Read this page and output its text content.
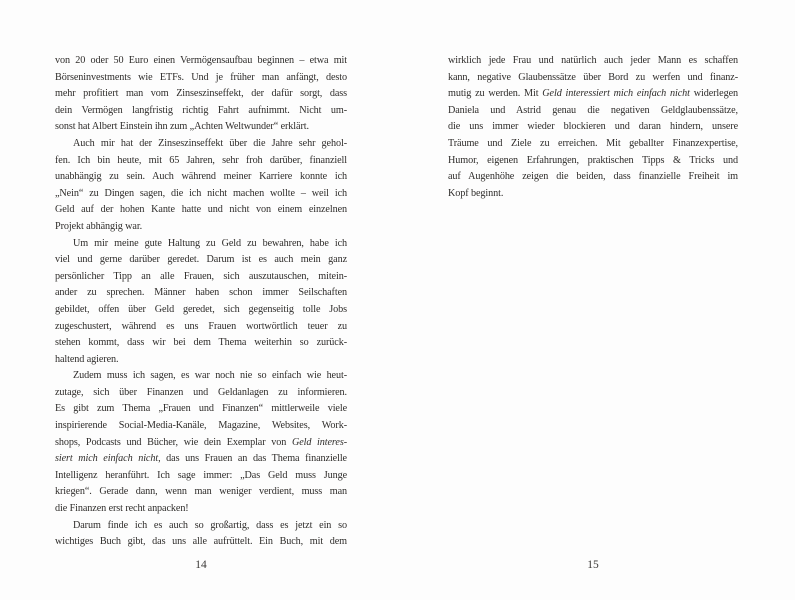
von 20 oder 50 Euro einen Vermögensaufbau beginnen – etwa mit
Börseninvestments wie ETFs. Und je früher man anfängt, desto
mehr profitiert man vom Zinseszinseffekt, der dafür sorgt, dass
dein Vermögen langfristig richtig Fahrt aufnimmt. Nicht um-
sonst hat Albert Einstein ihn zum „Achten Weltwunder“ erklärt.
Auch mir hat der Zinseszinseffekt über die Jahre sehr gehol-
fen. Ich bin heute, mit 65 Jahren, sehr froh darüber, finanziell
unabhängig zu sein. Auch während meiner Karriere konnte ich
„Nein“ zu Dingen sagen, die ich nicht machen wollte – weil ich
Geld auf der hohen Kante hatte und nicht von einem einzelnen
Projekt abhängig war.
Um mir meine gute Haltung zu Geld zu bewahren, habe ich
viel und gerne darüber geredet. Darum ist es auch mein ganz
persönlicher Tipp an alle Frauen, sich auszutauschen, mitein-
ander zu sprechen. Männer haben schon immer Seilschaften
gebildet, offen über Geld geredet, sich gegenseitig tolle Jobs
zugeschustert, während es uns Frauen wortwörtlich teuer zu
stehen kommt, dass wir bei dem Thema weiterhin so zurück-
haltend agieren.
Zudem muss ich sagen, es war noch nie so einfach wie heut-
zutage, sich über Finanzen und Geldanlagen zu informieren.
Es gibt zum Thema „Frauen und Finanzen“ mittlerweile viele
inspirierende Social-Media-Kanäle, Magazine, Websites, Work-
shops, Podcasts und Bücher, wie dein Exemplar von Geld interes-
siert mich einfach nicht, das uns Frauen an das Thema finanzielle
Intelligenz heranführt. Ich sage immer: „Das Geld muss Junge
kriegen“. Gerade dann, wenn man weniger verdient, muss man
die Finanzen erst recht anpacken!
Darum finde ich es auch so großartig, dass es jetzt ein so
wichtiges Buch gibt, das uns alle aufrüttelt. Ein Buch, mit dem
wirklich jede Frau und natürlich auch jeder Mann es schaffen
kann, negative Glaubenssätze über Bord zu werfen und finanz-
mutig zu werden. Mit Geld interessiert mich einfach nicht widerlegen
Daniela und Astrid genau die negativen Geldglaubenssätze,
die uns immer wieder blockieren und daran hindern, unsere
Träume und Ziele zu erreichen. Mit geballter Finanzexpertise,
Humor, eigenen Erfahrungen, praktischen Tipps & Tricks und
auf Augenhöhe zeigen die beiden, dass finanzielle Freiheit im
Kopf beginnt.
14	15
